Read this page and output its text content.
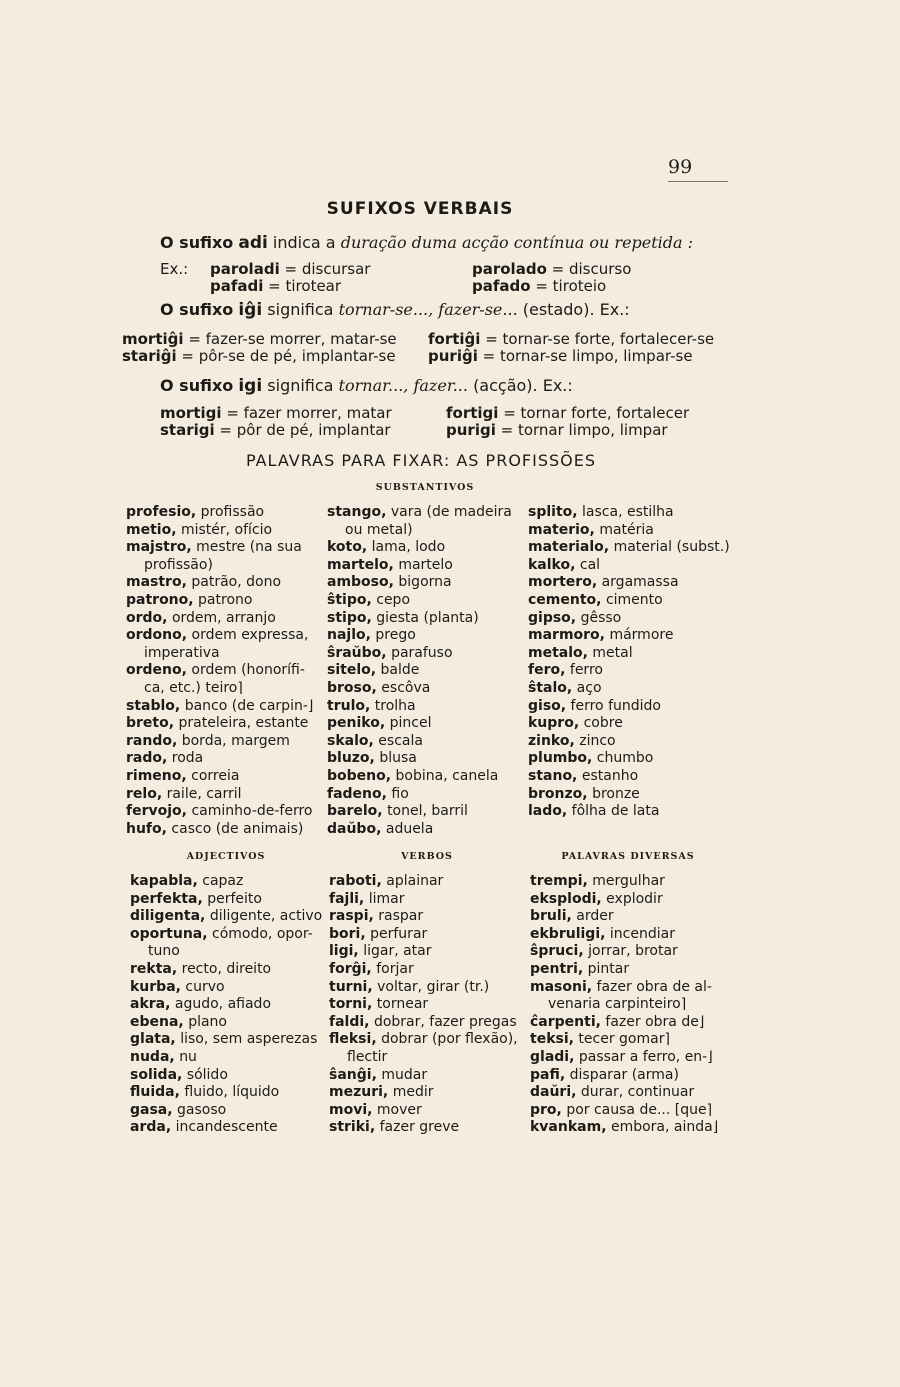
99
SUFIXOS VERBAIS
O sufixo adi indica a duração duma acção contínua ou repetida :
Ex.: paroladi = discursar
pafadi = tirotear
parolado = discurso
pafado = tiroteio
O sufixo iĝi significa tornar-se..., fazer-se... (estado). Ex.:
mortiĝi = fazer-se morrer, matar-se
stariĝi = pôr-se de pé, implantar-se
fortiĝi = tornar-se forte, fortalecer-se
puriĝi = tornar-se limpo, limpar-se
O sufixo igi significa tornar..., fazer... (acção). Ex.:
mortigi = fazer morrer, matar
starigi = pôr de pé, implantar
fortigi = tornar forte, fortalecer
purigi = tornar limpo, limpar
PALAVRAS PARA FIXAR: AS PROFISSÕES
SUBSTANTIVOS
profesio, profissão
metio, mistér, ofício
majstro, mestre (na sua
profissão)
mastro, patrão, dono
patrono, patrono
ordo, ordem, arranjo
ordono, ordem expressa,
imperativa
ordeno, ordem (honorífi-
ca, etc.) teiro⌉
stablo, banco (de carpin-⌋
breto, prateleira, estante
rando, borda, margem
rado, roda
rimeno, correia
relo, raile, carril
fervojo, caminho-de-ferro
hufo, casco (de animais)
stango, vara (de madeira
ou metal)
koto, lama, lodo
martelo, martelo
amboso, bigorna
ŝtipo, cepo
stipo, giesta (planta)
najlo, prego
ŝraŭbo, parafuso
sitelo, balde
broso, escôva
trulo, trolha
peniko, pincel
skalo, escala
bluzo, blusa
bobeno, bobina, canela
fadeno, fio
barelo, tonel, barril
daŭbo, aduela
splito, lasca, estilha
materio, matéria
materialo, material (subst.)
kalko, cal
mortero, argamassa
cemento, cimento
gipso, gêsso
marmoro, mármore
metalo, metal
fero, ferro
ŝtalo, aço
giso, ferro fundido
kupro, cobre
zinko, zinco
plumbo, chumbo
stano, estanho
bronzo, bronze
lado, fôlha de lata
ADJECTIVOS	VERBOS	PALAVRAS DIVERSAS
kapabla, capaz
perfekta, perfeito
diligenta, diligente, activo
oportuna, cómodo, opor-
tuno
rekta, recto, direito
kurba, curvo
akra, agudo, afiado
ebena, plano
glata, liso, sem asperezas
nuda, nu
solida, sólido
fluida, fluido, líquido
gasa, gasoso
arda, incandescente
raboti, aplainar
fajli, limar
raspi, raspar
bori, perfurar
ligi, ligar, atar
forĝi, forjar
turni, voltar, girar (tr.)
torni, tornear
faldi, dobrar, fazer pregas
fleksi, dobrar (por flexão),
flectir
ŝanĝi, mudar
mezuri, medir
movi, mover
striki, fazer greve
trempi, mergulhar
eksplodi, explodir
bruli, arder
ekbruligi, incendiar
ŝpruci, jorrar, brotar
pentri, pintar
masoni, fazer obra de al-
venaria carpinteiro⌉
ĉarpenti, fazer obra de⌋
teksi, tecer gomar⌉
gladi, passar a ferro, en-⌋
pafi, disparar (arma)
daŭri, durar, continuar
pro, por causa de... [que⌉
kvankam, embora, ainda⌋
